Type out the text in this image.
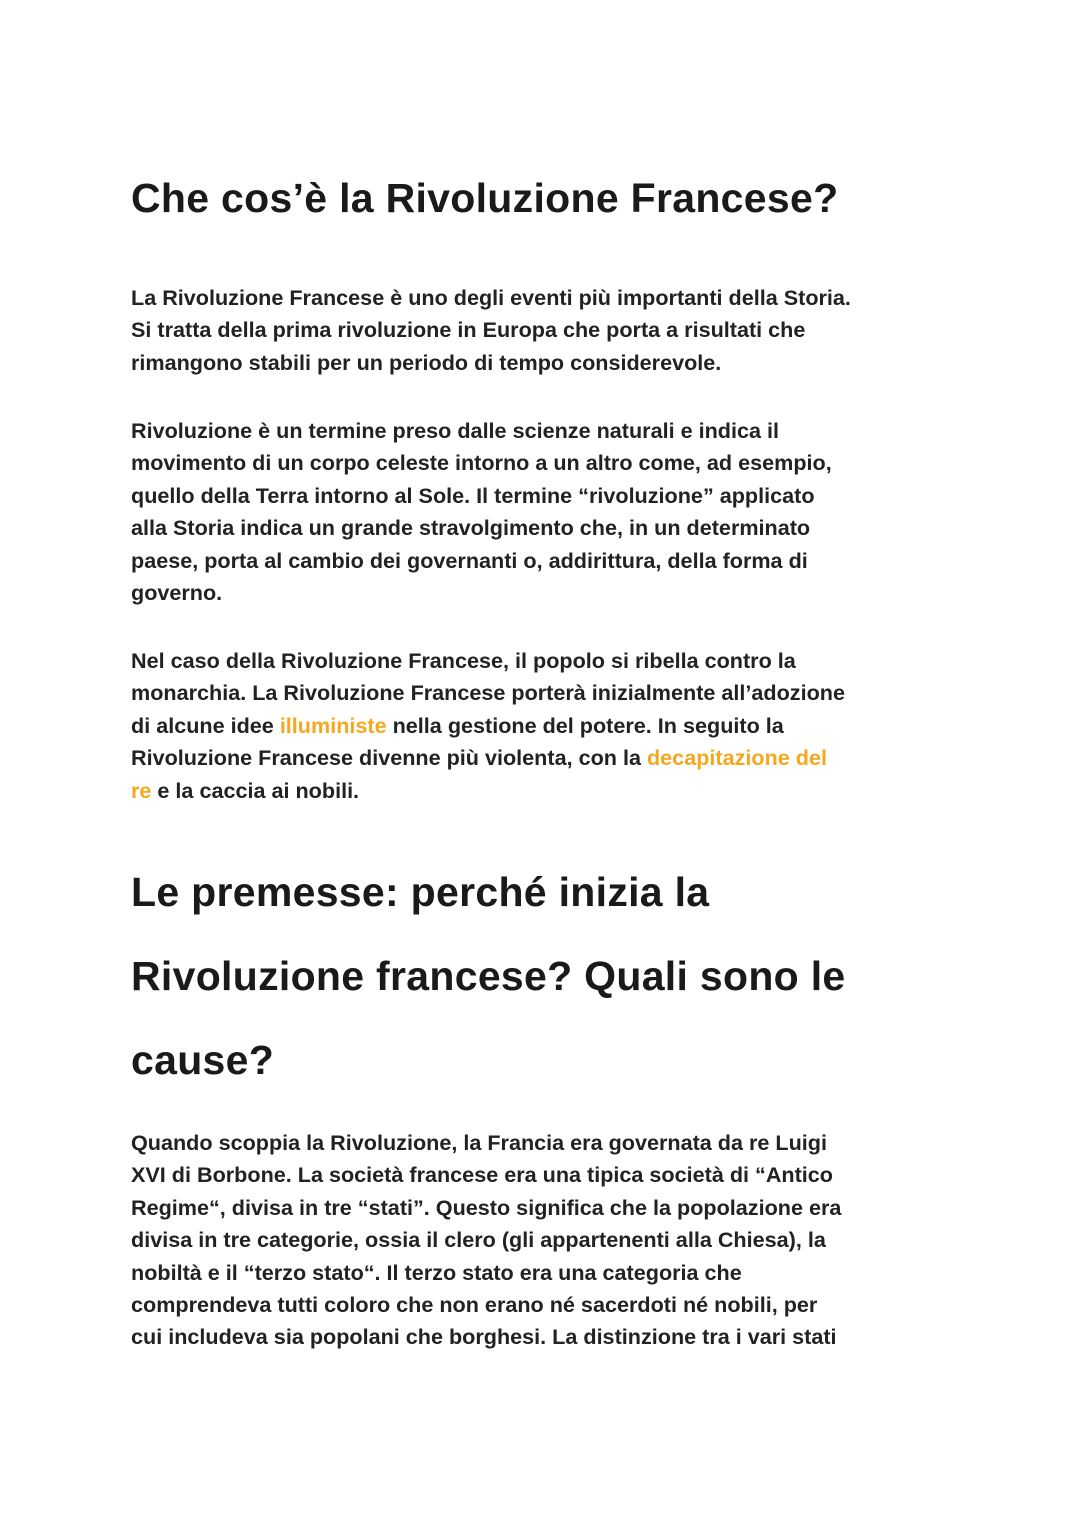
Che cos’è la Rivoluzione Francese?

La Rivoluzione Francese è uno degli eventi più importanti della Storia.

Si tratta della prima rivoluzione in Europa che porta a risultati che

rimangono stabili per un periodo di tempo considerevole.

Rivoluzione è un termine preso dalle scienze naturali e indica il

movimento di un corpo celeste intorno a un altro come, ad esempio,

quello della Terra intorno al Sole. Il termine “rivoluzione” applicato

alla Storia indica un grande stravolgimento che, in un determinato

paese, porta al cambio dei governanti o, addirittura, della forma di

governo.

Nel caso della Rivoluzione Francese, il popolo si ribella contro la

monarchia. La Rivoluzione Francese porterà inizialmente all’adozione

di alcune idee illuministe nella gestione del potere. In seguito la

Rivoluzione Francese divenne più violenta, con la decapitazione del

re e la caccia ai nobili.

Le premesse: perché inizia la Rivoluzione francese? Quali sono le cause?

Quando scoppia la Rivoluzione, la Francia era governata da re Luigi

XVI di Borbone. La società francese era una tipica società di “Antico

Regime“, divisa in tre “stati”. Questo significa che la popolazione era

divisa in tre categorie, ossia il clero (gli appartenenti alla Chiesa), la

nobiltà e il “terzo stato“. Il terzo stato era una categoria che

comprendeva tutti coloro che non erano né sacerdoti né nobili, per

cui includeva sia popolani che borghesi. La distinzione tra i vari stati
